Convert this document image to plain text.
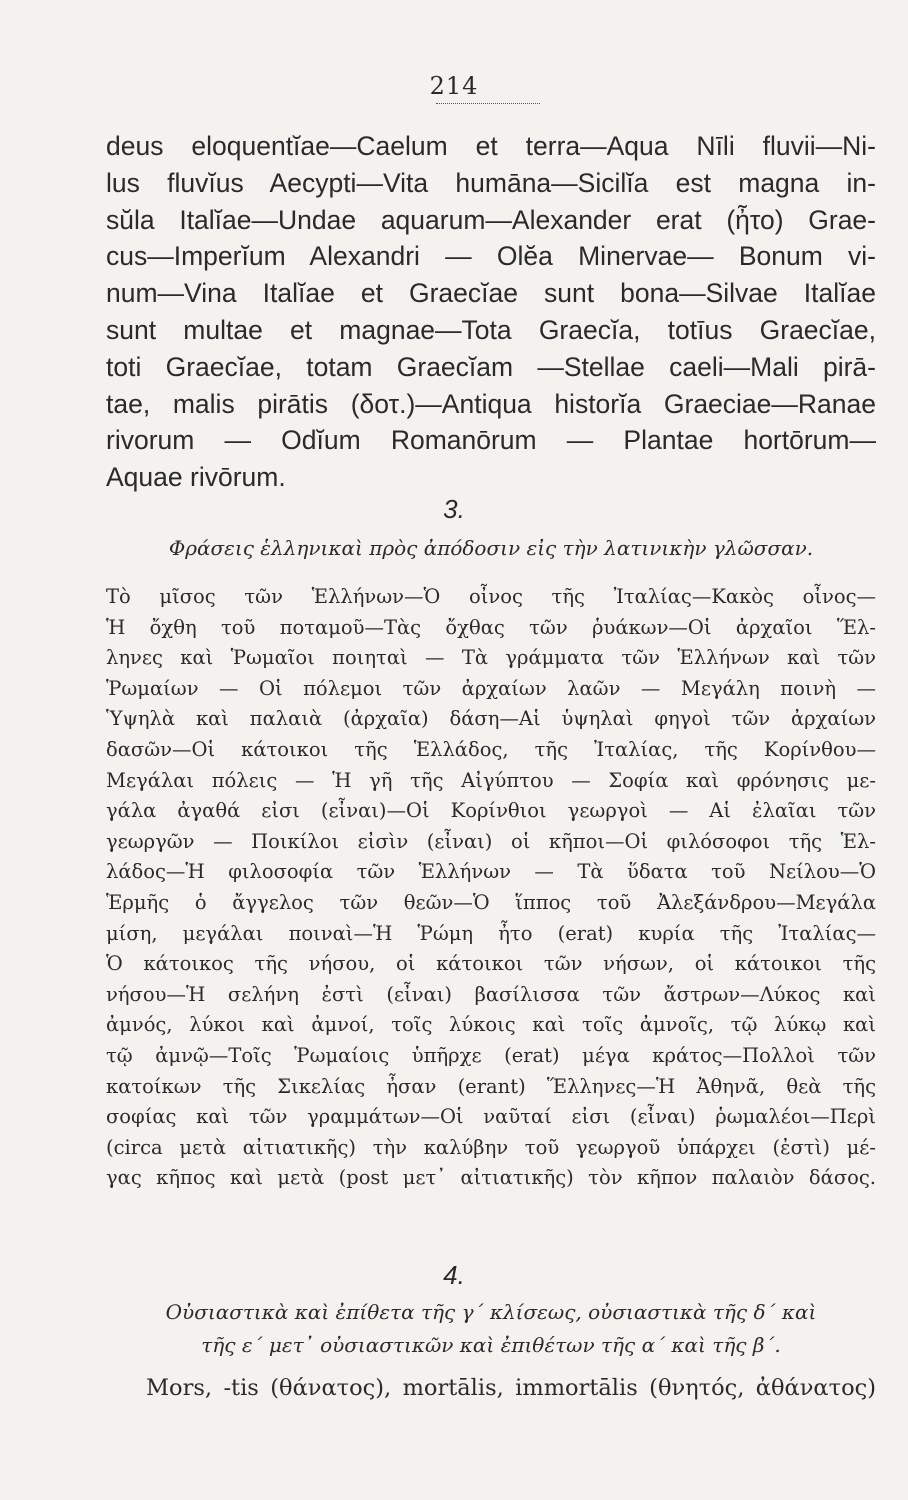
214
deus eloquentĭae—Caelum et terra—Aqua Nīli fluvii—Ni-
lus fluvĭus Aecypti—Vita humāna—Sicilĭa est magna in-
sŭla Italĭae—Undae aquarum—Alexander erat (ἦτο) Grae-
cus—Imperĭum Alexandri — Olĕa Minervae— Bonum vi-
num—Vina Italĭae et Graecĭae sunt bona—Silvae Italĭae
sunt multae et magnae—Tota Graecĭa, totīus Graecĭae,
toti Graecĭae, totam Graecĭam —Stellae caeli—Mali pirā-
tae, malis pirātis (δοτ.)—Antiqua historĭa Graeciae—Ranae
rivorum — Odĭum Romanōrum — Plantae hortōrum—
Aquae rivōrum.
3.
Φράσεις ἑλληνικαὶ πρὸς ἀπόδοσιν εἰς τὴν λατινικὴν γλῶσσαν.
Τὸ μῖσος τῶν Ἑλλήνων—Ὁ οἶνος τῆς Ἰταλίας—Κακὸς οἶνος—
Ἡ ὄχθη τοῦ ποταμοῦ—Τὰς ὄχθας τῶν ῥυάκων—Οἱ ἀρχαῖοι Ἕλ-
ληνες καὶ Ῥωμαῖοι ποιηταὶ — Τὰ γράμματα τῶν Ἑλλήνων καὶ τῶν
Ῥωμαίων — Οἱ πόλεμοι τῶν ἀρχαίων λαῶν — Μεγάλη ποινὴ —
Ὑψηλὰ καὶ παλαιὰ (ἀρχαῖα) δάση—Αἱ ὑψηλαὶ φηγοὶ τῶν ἀρχαίων
δασῶν—Οἱ κάτοικοι τῆς Ἑλλάδος, τῆς Ἰταλίας, τῆς Κορίνθου—
Μεγάλαι πόλεις — Ἡ γῆ τῆς Αἰγύπτου — Σοφία καὶ φρόνησις με-
γάλα ἀγαθά εἰσι (εἶναι)—Οἱ Κορίνθιοι γεωργοὶ — Αἱ ἐλαῖαι τῶν
γεωργῶν — Ποικίλοι εἰσὶν (εἶναι) οἱ κῆποι—Οἱ φιλόσοφοι τῆς Ἑλ-
λάδος—Ἡ φιλοσοφία τῶν Ἑλλήνων — Τὰ ὕδατα τοῦ Νείλου—Ὁ
Ἑρμῆς ὁ ἄγγελος τῶν θεῶν—Ὁ ἵππος τοῦ Ἀλεξάνδρου—Μεγάλα
μίση, μεγάλαι ποιναὶ—Ἡ Ῥώμη ἦτο (erat) κυρία τῆς Ἰταλίας—
Ὁ κάτοικος τῆς νήσου, οἱ κάτοικοι τῶν νήσων, οἱ κάτοικοι τῆς
νήσου—Ἡ σελήνη ἐστὶ (εἶναι) βασίλισσα τῶν ἄστρων—Λύκος καὶ
ἀμνός, λύκοι καὶ ἀμνοί, τοῖς λύκοις καὶ τοῖς ἀμνοῖς, τῷ λύκῳ καὶ
τῷ ἀμνῷ—Τοῖς Ῥωμαίοις ὑπῆρχε (erat) μέγα κράτος—Πολλοὶ τῶν
κατοίκων τῆς Σικελίας ἦσαν (erant) Ἕλληνες—Ἡ Ἀθηνᾶ, θεὰ τῆς
σοφίας καὶ τῶν γραμμάτων—Οἱ ναῦταί εἰσι (εἶναι) ῥωμαλέοι—Περὶ
(circa μετὰ αἰτιατικῆς) τὴν καλύβην τοῦ γεωργοῦ ὑπάρχει (ἐστὶ) μέ-
γας κῆπος καὶ μετὰ (post μετ᾽ αἰτιατικῆς) τὸν κῆπον παλαιὸν δάσος.
4.
Οὐσιαστικὰ καὶ ἐπίθετα τῆς γ´ κλίσεως, οὐσιαστικὰ τῆς δ´ καὶ
τῆς ε´ μετ᾽ οὐσιαστικῶν καὶ ἐπιθέτων τῆς α´ καὶ τῆς β´.
Mors, -tis (θάνατος), mortālis, immortālis (θνητός, ἀθάνατος)
